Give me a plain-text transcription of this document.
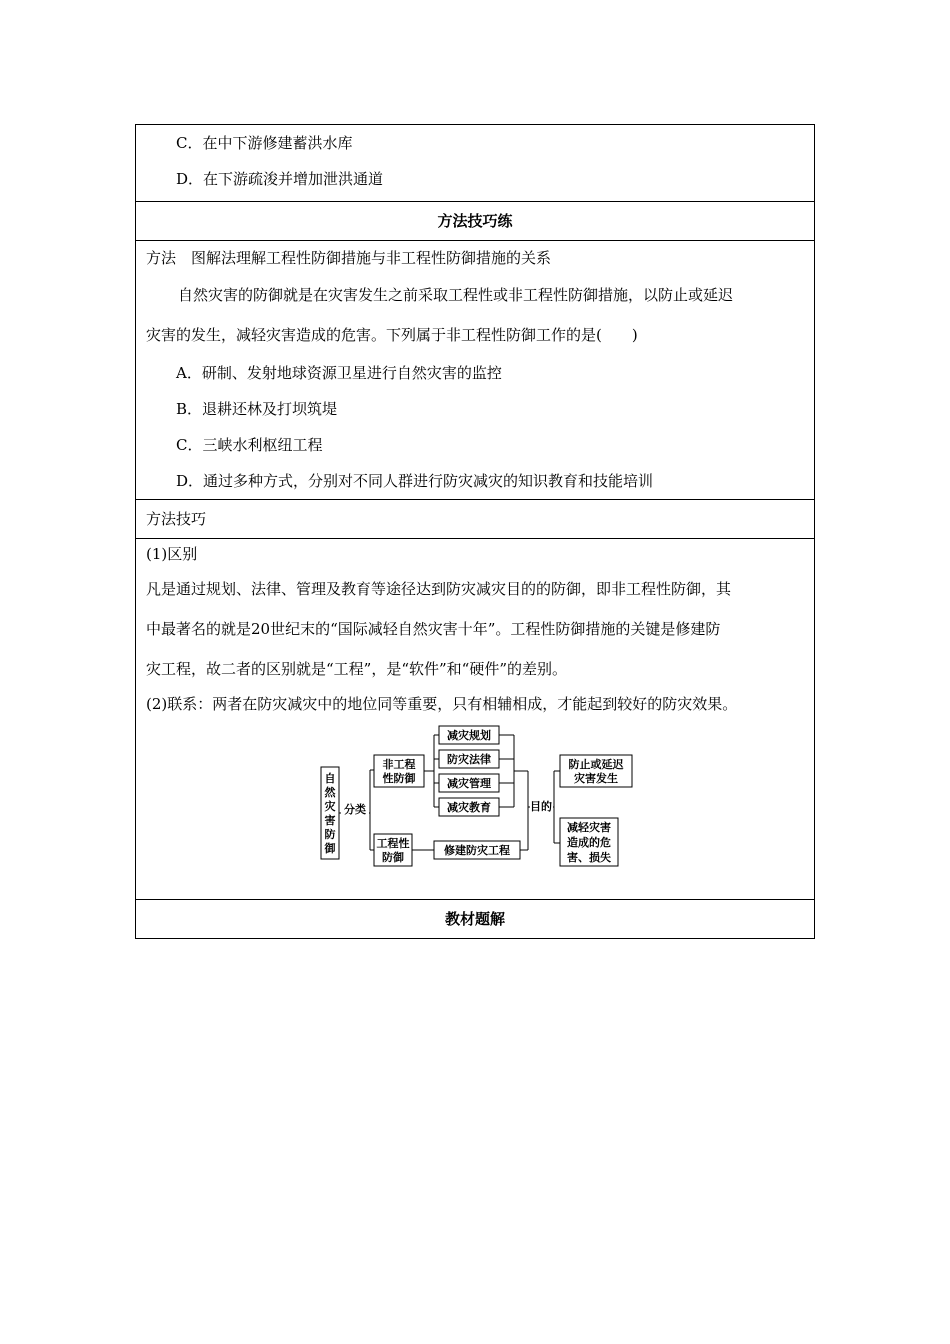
C．在中下游修建蓄洪水库
D．在下游疏浚并增加泄洪通道
方法技巧练
方法　图解法理解工程性防御措施与非工程性防御措施的关系
自然灾害的防御就是在灾害发生之前采取工程性或非工程性防御措施，以防止或延迟
灾害的发生，减轻灾害造成的危害。下列属于非工程性防御工作的是(　　)
A．研制、发射地球资源卫星进行自然灾害的监控
B．退耕还林及打坝筑堤
C．三峡水利枢纽工程
D．通过多种方式，分别对不同人群进行防灾减灾的知识教育和技能培训
方法技巧
(1)区别
凡是通过规划、法律、管理及教育等途径达到防灾减灾目的的防御，即非工程性防御，其
中最著名的就是20世纪末的“国际减轻自然灾害十年”。工程性防御措施的关键是修建防
灾工程，故二者的区别就是“工程”，是“软件”和“硬件”的差别。
(2)联系：两者在防灾减灾中的地位同等重要，只有相辅相成，才能起到较好的防灾效果。
自
然
灾
害
防
御
分类
非工程
性防御
工程性
防御
减灾规划
防灾法律
减灾管理
减灾教育
修建防灾工程
目的
防止或延迟
灾害发生
减轻灾害
造成的危
害、损失
教材题解
